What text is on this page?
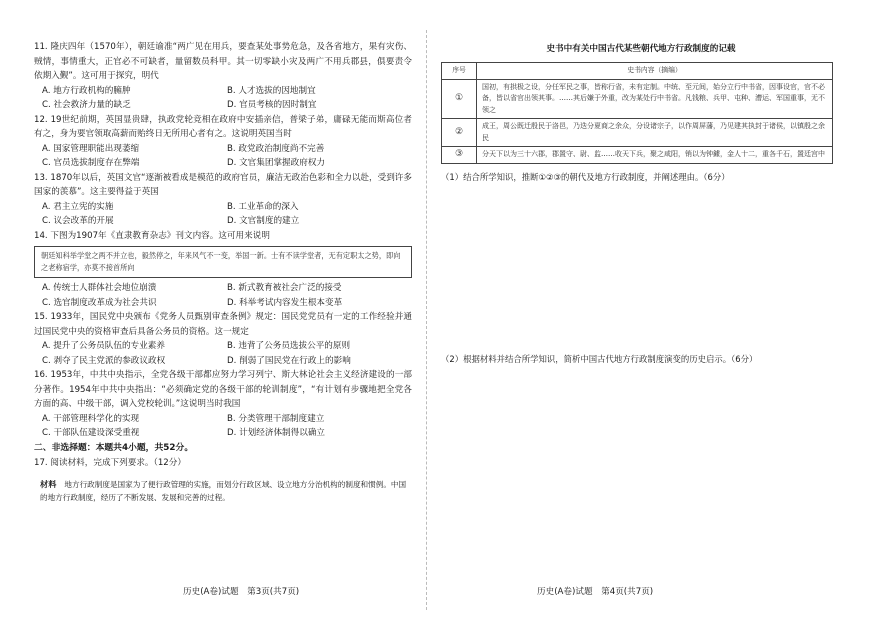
11. 隆庆四年（1570年），朝廷谕准“两广见在用兵，要查某处事势危急，及各省地方，果有灾伤、贼情，事情重大，正官必不可缺者，量留数员科甲。其一切零缺小灾及两广不用兵郡县，俱要责令依期入觐”。这可用于探究，明代

A. 地方行政机构的臃肿	B. 人才选拔的因地制宜
C. 社会救济力量的缺乏	D. 官员考核的因时制宜

12. 19世纪前期，英国显贵肆，执政党轮竞相在政府中安插亲信，普梁子弟，庸碌无能而斯高位者有之，身为要官领取高薪而贻终日无所用心者有之。这说明英国当时

A. 国家管理职能出现萎缩	B. 政党政治制度尚不完善
C. 官员选拔制度存在弊端	D. 文官集团掌握政府权力

13. 1870年以后，英国文官“逐渐被看成是模范的政府官员，廉洁无政治色彩和全力以赴，受到许多国家的羡慕”。这主要得益于英国

A. 君主立宪的实施	B. 工业革命的深入
C. 议会改革的开展	D. 文官制度的建立

14. 下图为1907年《直隶教育杂志》刊文内容。这可用来说明

朝廷知科举学堂之两不并立也，毅然停之，年来风气不一变，举国一新。士有不读学堂者，无有定职太之势，即向之老称宿学，亦莫不接首所向
A. 传统士人群体社会地位崩溃	B. 新式教育被社会广泛的接受
C. 选官制度改革成为社会共识	D. 科举考试内容发生根本变革

15. 1933年，国民党中央颁布《党务人员甄别审查条例》规定：国民党党员有一定的工作经验并通过国民党中央的资格审查后具备公务员的资格。这一规定

A. 提升了公务员队伍的专业素养	B. 违背了公务员选拔公平的原则
C. 剥夺了民主党派的参政议政权	D. 削弱了国民党在行政上的影响

16. 1953年，中共中央指示，全党各级干部都应努力学习列宁、斯大林论社会主义经济建设的一部分著作。1954年中共中央指出：“必须确定党的各级干部的轮训制度”，“有计划有步骤地把全党各方面的高、中级干部，调入党校轮训。”这说明当时我国

A. 干部管理科学化的实现	B. 分类管理干部制度建立
C. 干部队伍建设深受重视	D. 计划经济体制得以确立

二、非选择题：本题共4小题，共52分。

17. 阅读材料，完成下列要求。（12分）

材料 地方行政制度是国家为了便行政管理的实施，而划分行政区域、设立地方分治机构的制度和惯例。中国的地方行政制度，经历了不断发展、发展和完善的过程。

史书中有关中国古代某些朝代地方行政制度的记载

序号	史书内容（摘编）
①	国初，有拱极之设，分任军民之事，皆称行省，未有定制。中统、至元间，始分立行中书省，因事设官，官不必备，皆以省官出领其事。……其后嫌于外重，改为某处行中书省。凡钱粮、兵甲、屯种、漕运、军国重事，无不领之
②	成王，周公既迁殷民于洛邑，乃迭分夏商之余众，分设诸宗子，以作周屏藩，乃见建其执封于诸侯，以镇殷之余民
③	分天下以为三十六郡，郡置守、尉、监……收天下兵，聚之咸阳，销以为钟鐻，金人十二，重各千石，置廷宫中

（1）结合所学知识，推断①②③的朝代及地方行政制度，并阐述理由。（6分）

（2）根据材料并结合所学知识，简析中国古代地方行政制度演变的历史启示。（6分）

历史(A卷)试题　第3页(共7页)	历史(A卷)试题　第4页(共7页)
